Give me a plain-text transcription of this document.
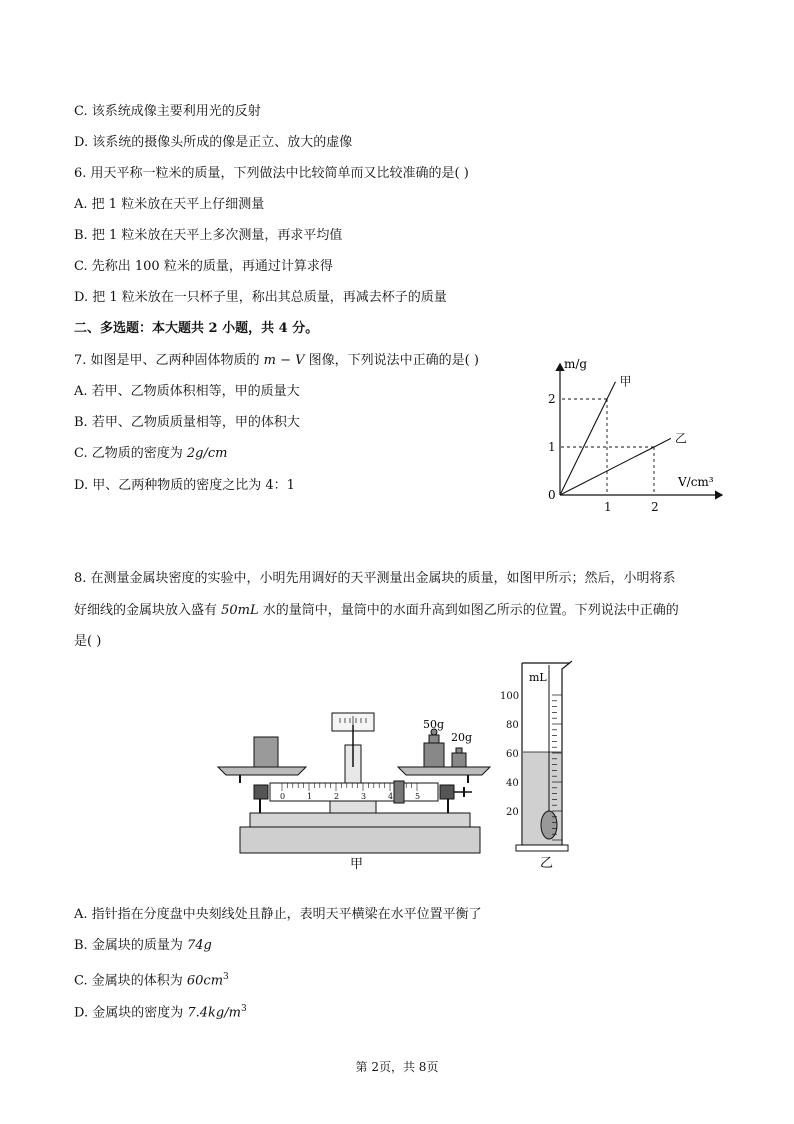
C. 该系统成像主要利用光的反射
D. 该系统的摄像头所成的像是正立、放大的虚像
6. 用天平称一粒米的质量，下列做法中比较简单而又比较准确的是( )
A. 把 1 粒米放在天平上仔细测量
B. 把 1 粒米放在天平上多次测量，再求平均值
C. 先称出 100 粒米的质量，再通过计算求得
D. 把 1 粒米放在一只杯子里，称出其总质量，再减去杯子的质量
二、多选题：本大题共 2 小题，共 4 分。
7. 如图是甲、乙两种固体物质的 m − V 图像，下列说法中正确的是( )
A. 若甲、乙物质体积相等，甲的质量大
B. 若甲、乙物质质量相等，甲的体积大
C. 乙物质的密度为 2g/cm
D. 甲、乙两种物质的密度之比为 4：1
甲
乙
1	2
1
2
m/g
V/cm³
0
8. 在测量金属块密度的实验中，小明先用调好的天平测量出金属块的质量，如图甲所示；然后，小明将系
好细线的金属块放入盛有 50mL 水的量筒中，量筒中的水面升高到如图乙所示的位置。下列说法中正确的
是( )
50g
20g
0	1	2	3	4	5
甲
100
80
60
40
20
mL
乙
A. 指针指在分度盘中央刻线处且静止，表明天平横梁在水平位置平衡了
B. 金属块的质量为 74g
C. 金属块的体积为 $60cm^3$
D. 金属块的密度为 $7.4kg/m^3$
第 2页，共 8页
